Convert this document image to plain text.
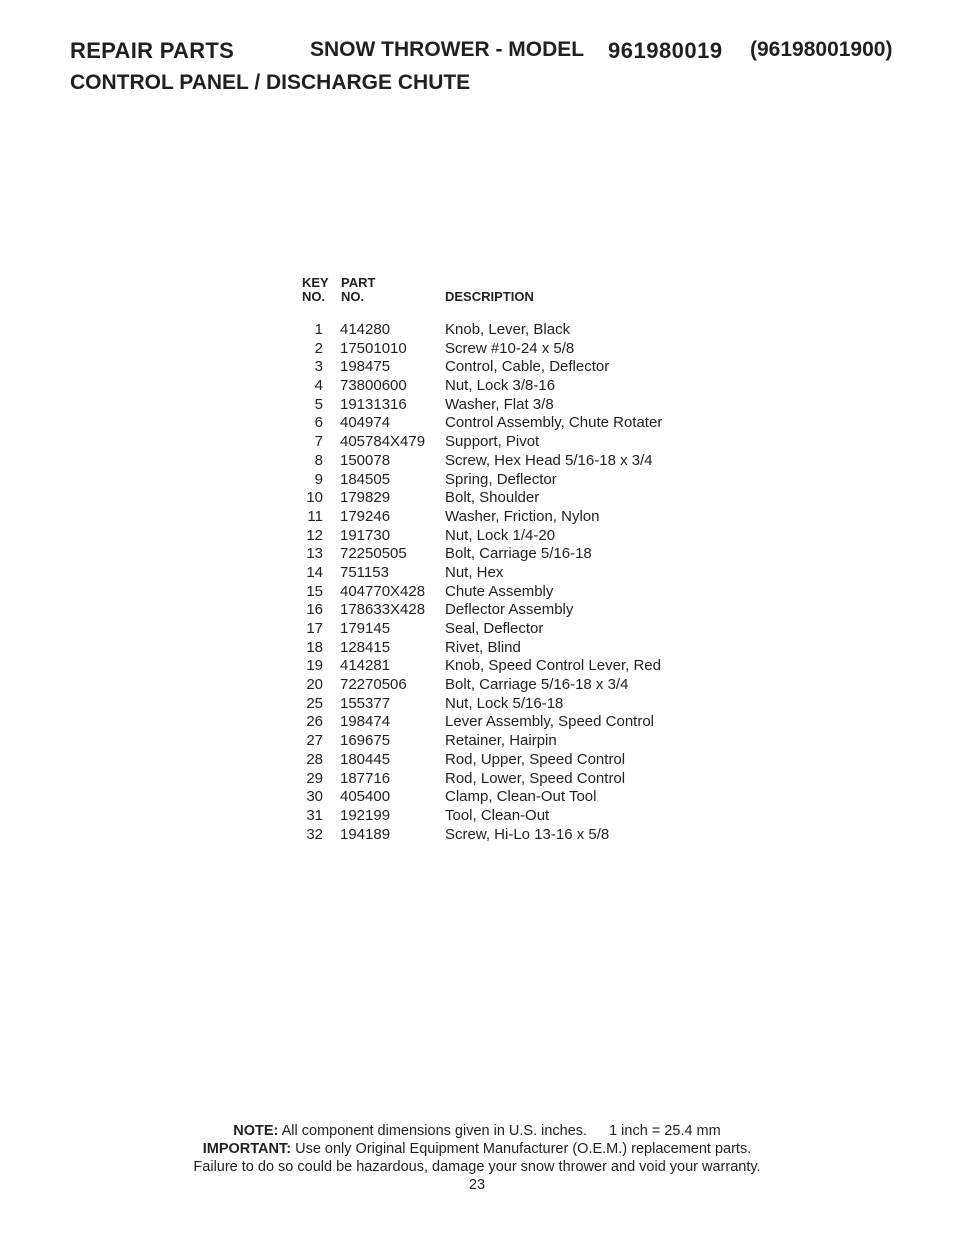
REPAIR PARTS	SNOW THROWER - MODEL 961980019 (96198001900)
CONTROL PANEL / DISCHARGE CHUTE
KEY
NO.
PART
NO.	DESCRIPTION
1 414280	Knob, Lever, Black
2 17501010	Screw #10-24 x 5/8
3 198475	Control, Cable, Deflector
4 73800600	Nut, Lock 3/8-16
5 19131316	Washer, Flat 3/8
6 404974	Control Assembly, Chute Rotater
7 405784X479 Support, Pivot
8 150078	Screw, Hex Head 5/16-18 x 3/4
9 184505	Spring, Deflector
10 179829	Bolt, Shoulder
11 179246	Washer, Friction, Nylon
12 191730	Nut, Lock 1/4-20
13 72250505	Bolt, Carriage 5/16-18
14 751153	Nut, Hex
15 404770X428 Chute Assembly
16 178633X428 Deflector Assembly
17 179145	Seal, Deflector
18 128415	Rivet, Blind
19 414281	Knob, Speed Control Lever, Red
20 72270506	Bolt, Carriage 5/16-18 x 3/4
25 155377	Nut, Lock 5/16-18
26 198474	Lever Assembly, Speed Control
27 169675	Retainer, Hairpin
28 180445	Rod, Upper, Speed Control
29 187716	Rod, Lower, Speed Control
30 405400	Clamp, Clean-Out Tool
31 192199	Tool, Clean-Out
32 194189	Screw, Hi-Lo 13-16 x 5/8
NOTE: All component dimensions given in U.S. inches. 1 inch = 25.4 mm
IMPORTANT: Use only Original Equipment Manufacturer (O.E.M.) replacement parts.
Failure to do so could be hazardous, damage your snow thrower and void your warranty.
23
